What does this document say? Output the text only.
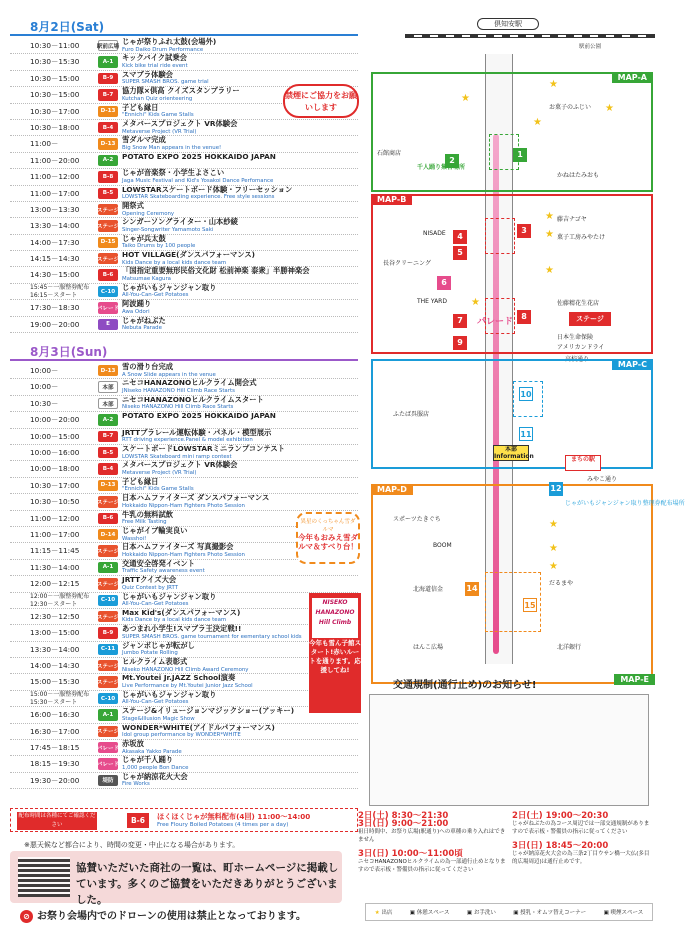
8月2日(Sat)
10:30－11:00	駅前広場
じゃが祭りふれ太鼓(会場外)
Furo Daiko Drum Performance
10:30－15:30	A-1	キックバイク試乗会
Kick bike trial ride event
10:30－15:00	B-9	スマブラ体験会
SUPER SMASH BROS. game trial
10:30－15:00	B-7	協力隊×倶高 クイズスタンプラリー
Kutchan Quiz orienteering
10:30－17:00	D-13 子ども縁日
"Ennichi" Kids Game Stalls
10:30－18:00	B-4	メタバースプロジェクト VR体験会
Metaverse Project (VR Trial)
11:00－	D-13 雪ダルマ完成
Big Snow Man appears in the venue!
11:00－20:00	A-2	POTATO EXPO 2025 HOKKAIDO JAPAN
11:00－12:00	B-8	じゃが音楽祭・小学生よさこい
Jaga Music Festival and Kid's Yosakoi Dance Perfomance
11:00－17:00	B-5	LOWSTARスケートボード体験・フリーセッション
LOWSTAR Skateboarding experience. Free style sessions
13:00－13:30	ステージ
開祭式
Opening Ceremony
13:30－14:00	ステージ
シンガーソングライター・山本紗綾
Singer-Songwriter Yamamoto Saki
14:00－17:30	D-15 じゃが兵太鼓
Taiko Drums by 100 people
14:15－14:30	ステージ
HOT VILLAGE(ダンスパフォーマンス)
Kids Dance by a local kids dance team
14:30－15:00	B-6	「国指定重要無形民俗文化財 松前神楽 泰衆」半勝神楽会
Matsumae Kagura
15:45－一服整券配布
16:15－スタート
C-10 じゃがいもジャンジャン取り
All-You-Can-Get Potatoes
17:30－18:30	パレード
阿波踊り
Awa Odori
19:00－20:00	E	じゃがねぶた
Nebuta Parade
8月3日(Sun)
10:00－	D-13 雪の滑り台完成
A Snow Slide appears in the venue
10:00－	本部
ニセコHANAZONOヒルクライム開会式
JNiseko HANAZONO Hill Climb Race Starts
10:30－	本部
ニセコHANAZONOヒルクライムスタート
Niseko HANAZONO Hill Climb Race Starts
10:00－20:00	A-2	POTATO EXPO 2025 HOKKAIDO JAPAN
10:00－15:00	B-7	JRTTブラレール運転体験・パネル・模型展示
RTT driving experience.Panel & model exhibition
10:00－16:00	B-5	スケートボードLOWSTARミニランプコンテスト
LOWSTAR Skateboard mini ramp contest
10:00－18:00	B-4	メタバースプロジェクト VR体験会
Metaverse Project (VR Trial)
10:30－17:00	D-13 子ども縁日
"Ennichi" Kids Game Stalls
10:30－10:50	ステージ
日本ハムファイターズ ダンスパフォーマンス
Hokkaido Nippon-Ham Fighters Photo Session
11:00－12:00	B-6	牛乳の無料試飲
Free Milk Tasting
11:00－17:00	D-14 じゃがイブ輪実良い
Wasshoi!
11:15－11:45	ステージ
日本ハムファイターズ 写真撮影会
Hokkaido Nippon-Ham Fighters Photo Session
11:30－14:00	A-1	交通安全啓発イベント
Traffic Safety awareness event
12:00－12:15	ステージ
JRTTクイズ大会
Quiz Contest by JRTT
12:00－一服整券配布
12:30－スタート
C-10 じゃがいもジャンジャン取り
All-You-Can-Get Potatoes
12:30－12:50	ステージ
Max Kid's(ダンスパフォーマンス)
Kids Dance by a local kids dance team
13:00－15:00	B-9	あつまれ小学生!スマブラ王決定戦!!
SUPER SMASH BROS. game tournament for eementary school kids
13:30－14:00	C-11 ジャンボじゃが転がし
Jumbo Potate Rolling
14:00－14:30	ステージ
ヒルクライム表彰式
Niseko HANAZONO Hill Climb Award Ceremony
15:00－15:30	ステージ
Mt.Youtei Jr.JAZZ School演奏
Live Performance by Mt.Youtei Junior Jazz School
15:00－一服整券配布
15:30－スタート
C-10 じゃがいもジャンジャン取り
All-You-Can-Get Potatoes
16:00－16:30	A-1	ステージ&イリュージョンマジックショー(アッキー)
Stage&Illusion Magic Show
16:30－17:00	ステージ
WONDER*WHITE(アイドルパフォーマンス)
Idol group performance by WONDER*WHITE
17:45－18:15	パレード
赤坂放
Akasaka Yakko Parade
18:15－19:30	パレード
じゃが千人踊り
1,000 people Bon Dance
19:30－20:00	堤防
じゃが納涼花火大会
Fire Works
配布時間は各種にてご確認ください	B-6	ほくほくじゃが無料配布(4回) 11:00～14:00
Free Floury Boiled Potatoes (4 times per a day)
※悪天候など都合により、時間の変更・中止になる場合があります。
協賛いただいた商社の一覧は、町ホームページに掲載しています。多くのご協賛をいただきありがとうございました。
⊘ お祭り会場内でのドローンの使用は禁止となっております。
倶知安駅
駅前公園
パレード
MAP-A
1
2
お菓子のふじい
かねはたみおも
千人踊り集合場所
石館商店
★
★
★
★
MAP-B
4
3
5
6
7	8
9
NISADE
長谷クリーニング
THE YARD
藤吉ナゴヤ
菓子工房みやたけ
佐藤精花生花店
ステージ
日本生命保険
アメリカンドライ
★
★
★
★
高校通り
MAP-C
10
11
ふたば呉服店
本部 Information	まちの駅
みやこ通り
MAP-D	12
14
15
スポーツたきぐち
BOOM
北海道信金
だるまや
はんこ広場	北洋銀行
じゃがいもジャンジャン取り整理券配布場所
★
★
★
禁煙にご協力をお願いします
異星のくっちゃん雪ダルマ
今年もおみえ雪ダルマ＆すべり台！
今年も雪ん子館スタート!赤いルートを通ります。応援してね!
NISEKO HANAZONO Hill Climb
交通規制(通行止め)のお知らせ!
MAP-E
2日(土) 8:30～21:30
3日(日) 9:00～21:00
祖日時間中、お祭り広場(駅通り)への車種の乗り入れはできません
3日(日) 10:00～11:00頃
ニセコHANAZONOヒルクライムの為一部通行止めとなりますので表示板・警備員の指示に従ってください
2日(土) 19:00～20:30
じゃがねぶたの為コース周辺では一部交通規制がありますので表示板・警備員の指示に従ってください
3日(日) 18:45～20:00
じゃが納涼花火大会の為三条2丁目ウサン橋一大仏(多目的広場周辺)は通行止めです。
★ 出店	▣ 休憩スペース	▣ お手洗い	▣ 授乳・オムツ替えコーナー	▣ 喫煙スペース
